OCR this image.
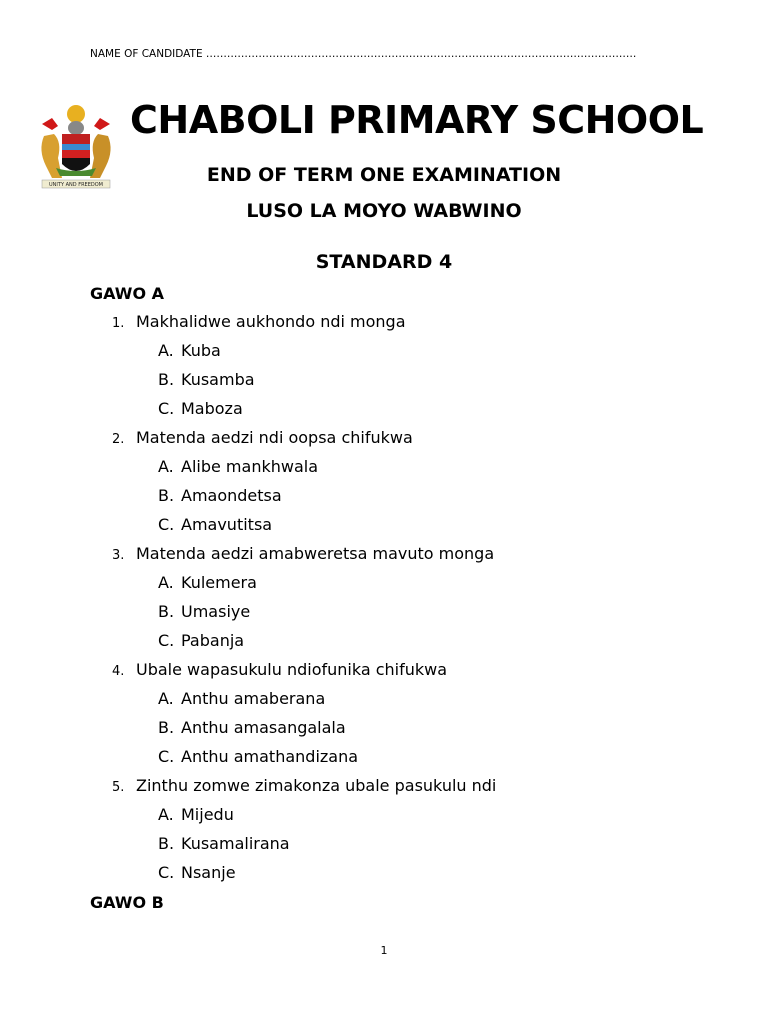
NAME OF CANDIDATE ……………………………………………………………………………………………………………
UNITY AND FREEDOM
CHABOLI PRIMARY SCHOOL
END OF TERM ONE EXAMINATION
LUSO LA MOYO WABWINO
STANDARD 4
GAWO A
1. Makhalidwe aukhondo ndi monga
A. Kuba
B. Kusamba
C. Maboza
2. Matenda aedzi ndi oopsa chifukwa
A. Alibe mankhwala
B. Amaondetsa
C. Amavutitsa
3. Matenda aedzi amabweretsa mavuto monga
A. Kulemera
B. Umasiye
C. Pabanja
4. Ubale wapasukulu ndiofunika chifukwa
A. Anthu amaberana
B. Anthu amasangalala
C. Anthu amathandizana
5. Zinthu zomwe zimakonza ubale pasukulu ndi
A. Mijedu
B. Kusamalirana
C. Nsanje
GAWO B
1
